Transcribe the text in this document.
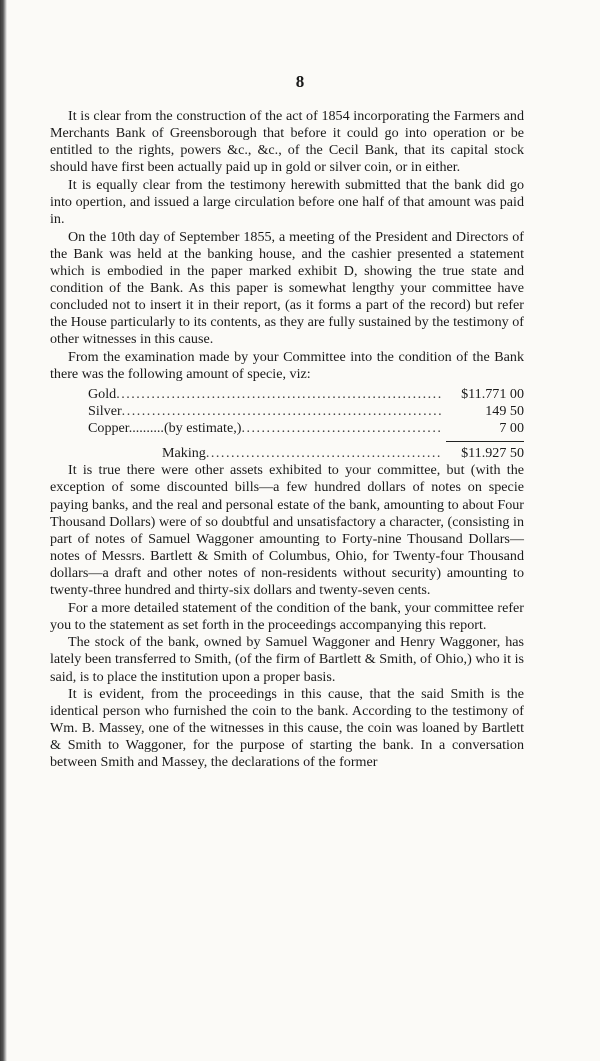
8

It is clear from the construction of the act of 1854 incorporating the Farmers and Merchants Bank of Greensborough that before it could go into operation or be entitled to the rights, powers &c., &c., of the Cecil Bank, that its capital stock should have first been actually paid up in gold or silver coin, or in either.

It is equally clear from the testimony herewith submitted that the bank did go into opertion, and issued a large circulation before one half of that amount was paid in.

On the 10th day of September 1855, a meeting of the President and Directors of the Bank was held at the banking house, and the cashier presented a statement which is embodied in the paper marked exhibit D, showing the true state and condition of the Bank. As this paper is somewhat lengthy your committee have concluded not to insert it in their report, (as it forms a part of the record) but refer the House particularly to its contents, as they are fully sustained by the testimony of other witnesses in this cause.

From the examination made by your Committee into the condition of the Bank there was the following amount of specie, viz:

Gold .....	$11.771 00
Silver .....	149 50
Copper..........(by estimate,) .....	7 00
Making .....	$11.927 50

It is true there were other assets exhibited to your committee, but (with the exception of some discounted bills—a few hundred dollars of notes on specie paying banks, and the real and personal estate of the bank, amounting to about Four Thousand Dollars) were of so doubtful and unsatisfactory a character, (consisting in part of notes of Samuel Waggoner amounting to Forty-nine Thousand Dollars—notes of Messrs. Bartlett & Smith of Columbus, Ohio, for Twenty-four Thousand dollars—a draft and other notes of non-residents without security) amounting to twenty-three hundred and thirty-six dollars and twenty-seven cents.

For a more detailed statement of the condition of the bank, your committee refer you to the statement as set forth in the proceedings accompanying this report.

The stock of the bank, owned by Samuel Waggoner and Henry Waggoner, has lately been transferred to Smith, (of the firm of Bartlett & Smith, of Ohio,) who it is said, is to place the institution upon a proper basis.

It is evident, from the proceedings in this cause, that the said Smith is the identical person who furnished the coin to the bank. According to the testimony of Wm. B. Massey, one of the witnesses in this cause, the coin was loaned by Bartlett & Smith to Waggoner, for the purpose of starting the bank. In a conversation between Smith and Massey, the declarations of the former
